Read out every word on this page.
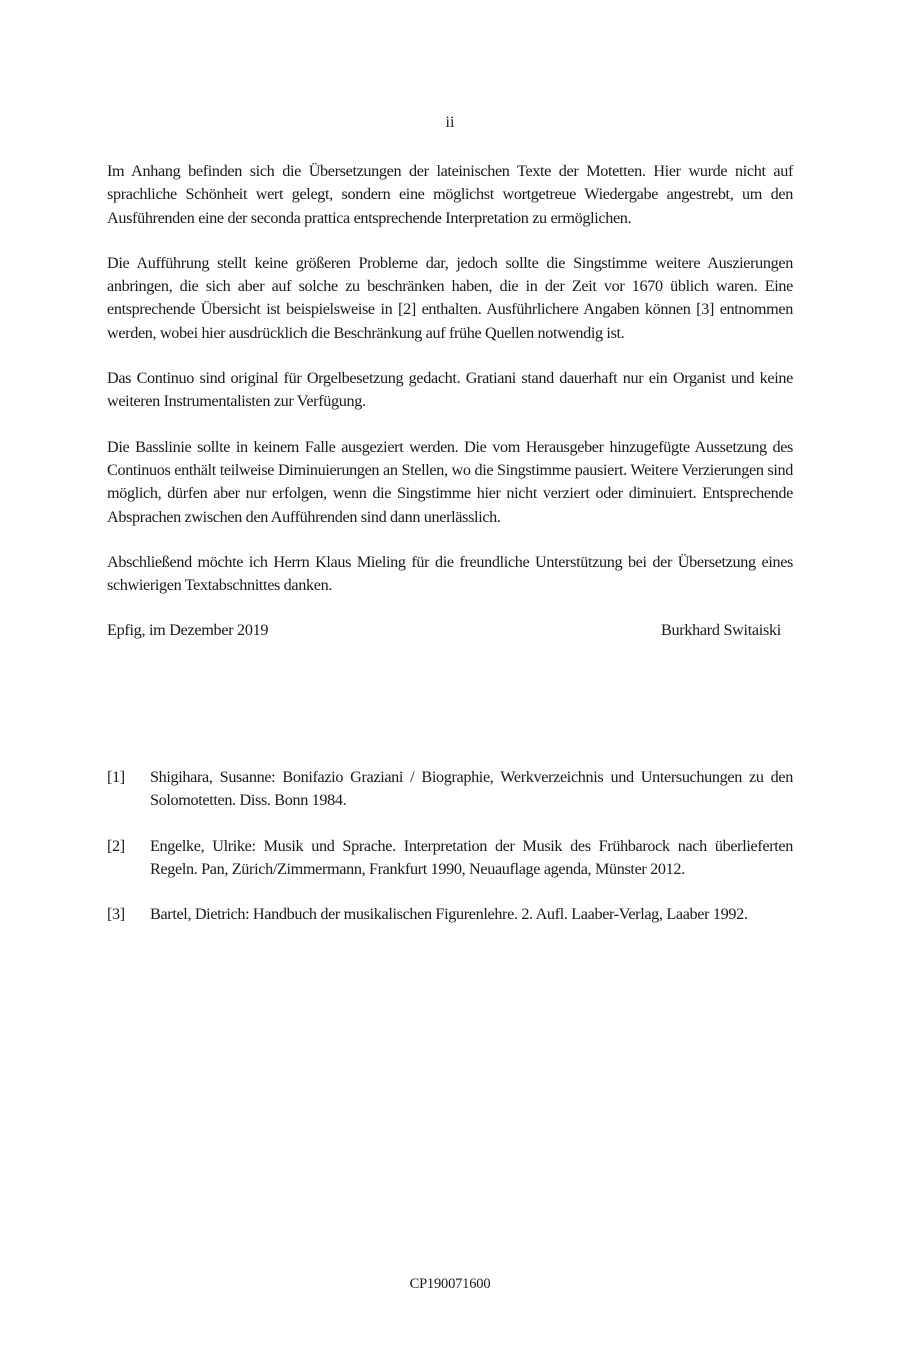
ii

Im Anhang befinden sich die Übersetzungen der lateinischen Texte der Motetten. Hier wurde nicht auf sprachliche Schönheit wert gelegt, sondern eine möglichst wortgetreue Wiedergabe angestrebt, um den Ausführenden eine der seconda prattica entsprechende Interpretation zu ermöglichen.

Die Aufführung stellt keine größeren Probleme dar, jedoch sollte die Singstimme weitere Auszierungen anbringen, die sich aber auf solche zu beschränken haben, die in der Zeit vor 1670 üblich waren. Eine entsprechende Übersicht ist beispielsweise in [2] enthalten. Ausführlichere Angaben können [3] entnommen werden, wobei hier ausdrücklich die Beschränkung auf frühe Quellen notwendig ist.

Das Continuo sind original für Orgelbesetzung gedacht. Gratiani stand dauerhaft nur ein Organist und keine weiteren Instrumentalisten zur Verfügung.

Die Basslinie sollte in keinem Falle ausgeziert werden. Die vom Herausgeber hinzugefügte Aussetzung des Continuos enthält teilweise Diminuierungen an Stellen, wo die Singstimme pausiert. Weitere Verzierungen sind möglich, dürfen aber nur erfolgen, wenn die Singstimme hier nicht verziert oder diminuiert. Entsprechende Absprachen zwischen den Aufführenden sind dann unerlässlich.

Abschließend möchte ich Herrn Klaus Mieling für die freundliche Unterstützung bei der Übersetzung eines schwierigen Textabschnittes danken.

Epfig, im Dezember 2019	Burkhard Switaiski
[1]	Shigihara, Susanne: Bonifazio Graziani / Biographie, Werkverzeichnis und Untersuchungen zu den Solomotetten. Diss. Bonn 1984.
[2]	Engelke, Ulrike: Musik und Sprache. Interpretation der Musik des Frühbarock nach überlieferten Regeln. Pan, Zürich/Zimmermann, Frankfurt 1990, Neuauflage agenda, Münster 2012.
[3]	Bartel, Dietrich: Handbuch der musikalischen Figurenlehre. 2. Aufl. Laaber-Verlag, Laaber 1992.
CP190071600
